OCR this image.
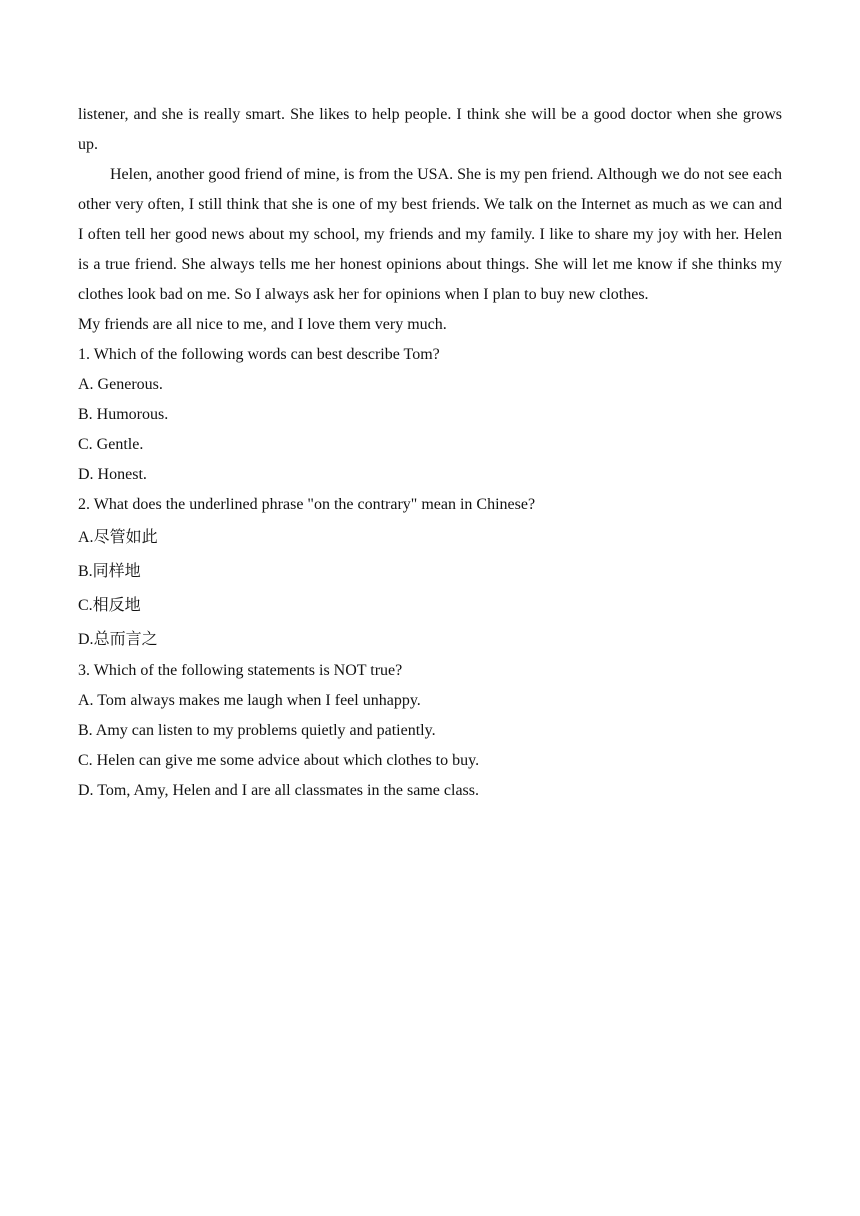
listener, and she is really smart. She likes to help people. I think she will be a good doctor when she grows up.

Helen, another good friend of mine, is from the USA. She is my pen friend. Although we do not see each other very often, I still think that she is one of my best friends. We talk on the Internet as much as we can and I often tell her good news about my school, my friends and my family. I like to share my joy with her. Helen is a true friend. She always tells me her honest opinions about things. She will let me know if she thinks my clothes look bad on me. So I always ask her for opinions when I plan to buy new clothes.

My friends are all nice to me, and I love them very much.

1. Which of the following words can best describe Tom?

A. Generous.

B. Humorous.

C. Gentle.

D. Honest.

2. What does the underlined phrase "on the contrary" mean in Chinese?

A.尽管如此

B.同样地

C.相反地

D.总而言之

3. Which of the following statements is NOT true?

A. Tom always makes me laugh when I feel unhappy.

B. Amy can listen to my problems quietly and patiently.

C. Helen can give me some advice about which clothes to buy.

D. Tom, Amy, Helen and I are all classmates in the same class.
